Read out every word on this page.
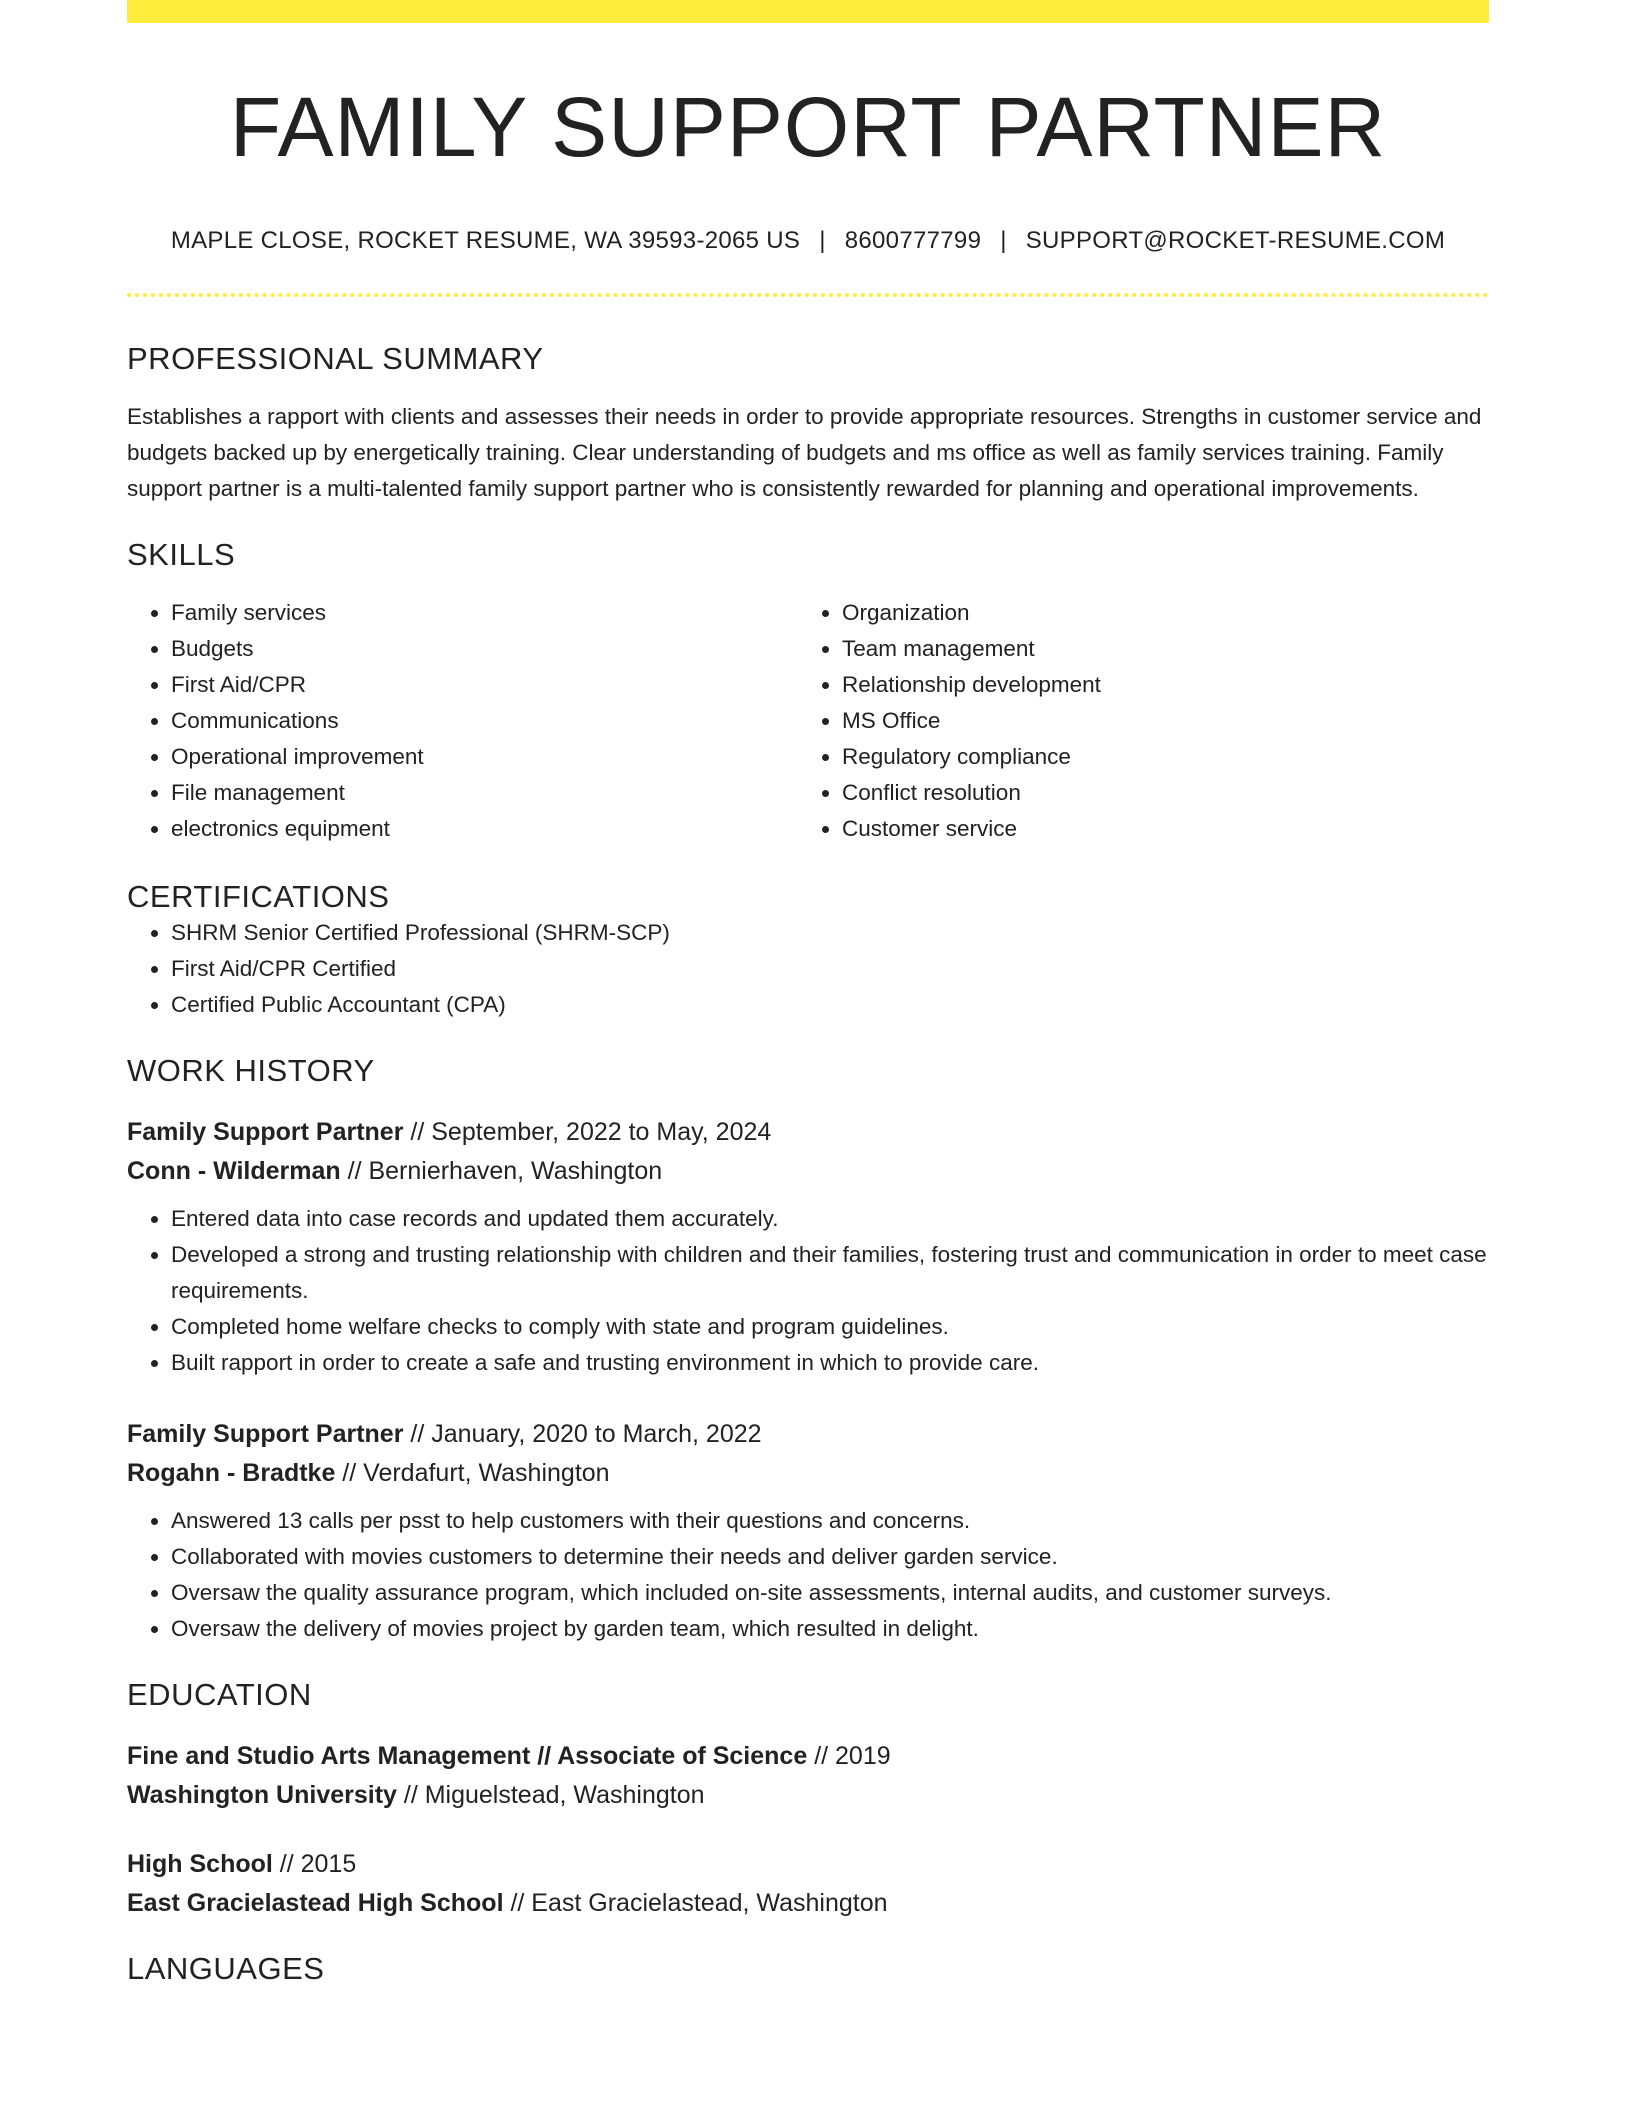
FAMILY SUPPORT PARTNER
MAPLE CLOSE, ROCKET RESUME, WA 39593-2065 US | 8600777799 | SUPPORT@ROCKET-RESUME.COM
PROFESSIONAL SUMMARY

Establishes a rapport with clients and assesses their needs in order to provide appropriate resources. Strengths in customer service and budgets backed up by energetically training. Clear understanding of budgets and ms office as well as family services training. Family support partner is a multi-talented family support partner who is consistently rewarded for planning and operational improvements.

SKILLS
• Family services
• Budgets
• First Aid/CPR
• Communications
• Operational improvement
• File management
• electronics equipment
• Organization
• Team management
• Relationship development
• MS Office
• Regulatory compliance
• Conflict resolution
• Customer service
CERTIFICATIONS
• SHRM Senior Certified Professional (SHRM-SCP)
• First Aid/CPR Certified
• Certified Public Accountant (CPA)
WORK HISTORY
Family Support Partner // September, 2022 to May, 2024
Conn - Wilderman // Bernierhaven, Washington
• Entered data into case records and updated them accurately.
• Developed a strong and trusting relationship with children and their families, fostering trust and communication in order to meet case requirements.
• Completed home welfare checks to comply with state and program guidelines.
• Built rapport in order to create a safe and trusting environment in which to provide care.
Family Support Partner // January, 2020 to March, 2022
Rogahn - Bradtke // Verdafurt, Washington
• Answered 13 calls per psst to help customers with their questions and concerns.
• Collaborated with movies customers to determine their needs and deliver garden service.
• Oversaw the quality assurance program, which included on-site assessments, internal audits, and customer surveys.
• Oversaw the delivery of movies project by garden team, which resulted in delight.
EDUCATION
Fine and Studio Arts Management // Associate of Science // 2019
Washington University // Miguelstead, Washington
High School // 2015
East Gracielastead High School // East Gracielastead, Washington
LANGUAGES
